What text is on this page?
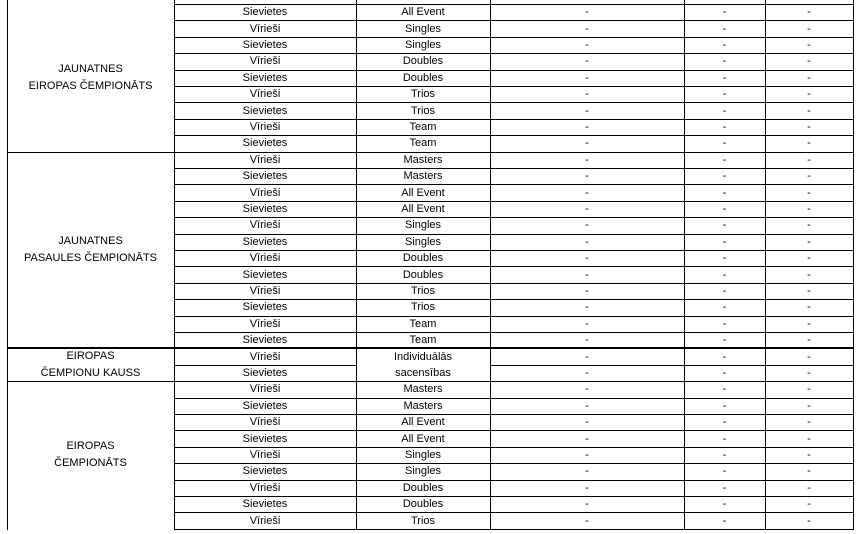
JAUNATNES
EIROPAS ČEMPIONĀTS
Sievietes	All Event	-	-	-
Vīrieši	Singles	-	-	-
Sievietes	Singles	-	-	-
Vīrieši	Doubles	-	-	-
Sievietes	Doubles	-	-	-
Vīrieši	Trios	-	-	-
Sievietes	Trios	-	-	-
Vīrieši	Team	-	-	-
Sievietes	Team	-	-	-
JAUNATNES
PASAULES ČEMPIONĀTS
Vīrieši	Masters	-	-	-
Sievietes	Masters	-	-	-
Vīrieši	All Event	-	-	-
Sievietes	All Event	-	-	-
Vīrieši	Singles	-	-	-
Sievietes	Singles	-	-	-
Vīrieši	Doubles	-	-	-
Sievietes	Doubles	-	-	-
Vīrieši	Trios	-	-	-
Sievietes	Trios	-	-	-
Vīrieši	Team	-	-	-
Sievietes	Team	-	-	-
EIROPAS
ČEMPIONU KAUSS
Individuālās
sacensības
Vīrieši	-	-	-
Sievietes	-	-	-
EIROPAS
ČEMPIONĀTS
Vīrieši	Masters	-	-	-
Sievietes	Masters	-	-	-
Vīrieši	All Event	-	-	-
Sievietes	All Event	-	-	-
Vīrieši	Singles	-	-	-
Sievietes	Singles	-	-	-
Vīrieši	Doubles	-	-	-
Sievietes	Doubles	-	-	-
Vīrieši	Trios	-	-	-
